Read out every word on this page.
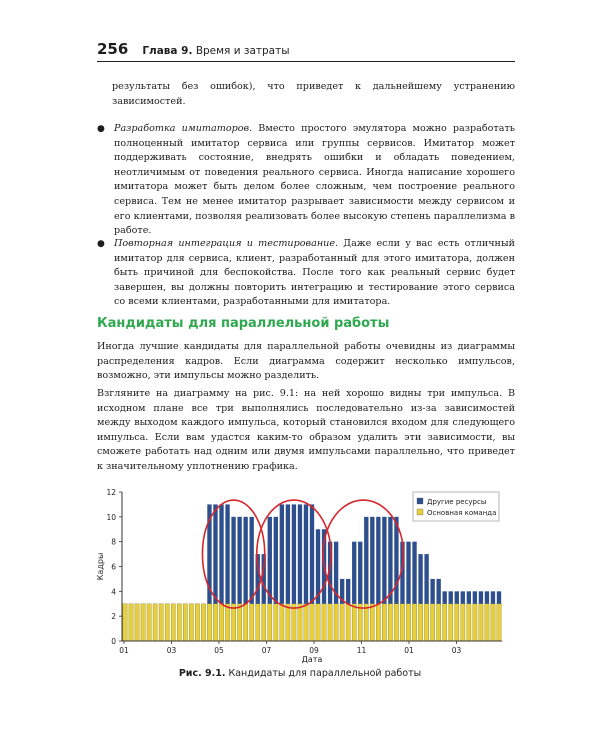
256 Глава 9. Время и затраты
результаты без ошибок), что приведет к дальнейшему устранению зависимостей.
● Разработка имитаторов. Вместо простого эмулятора можно разработать полноценный имитатор сервиса или группы сервисов. Имитатор может поддерживать состояние, внедрять ошибки и обладать поведением, неотличимым от поведения реального сервиса. Иногда написание хорошего имитатора может быть делом более сложным, чем построение реального сервиса. Тем не менее имитатор разрывает зависимости между сервисом и его клиентами, позволяя реализовать более высокую степень параллелизма в работе.
● Повторная интеграция и тестирование. Даже если у вас есть отличный имитатор для сервиса, клиент, разработанный для этого имитатора, должен быть причиной для беспокойства. После того как реальный сервис будет завершен, вы должны повторить интеграцию и тестирование этого сервиса со всеми клиентами, разработанными для имитатора.
Кандидаты для параллельной работы
Иногда лучшие кандидаты для параллельной работы очевидны из диаграммы распределения кадров. Если диаграмма содержит несколько импульсов, возможно, эти импульсы можно разделить.
Взгляните на диаграмму на рис. 9.1: на ней хорошо видны три импульса. В исходном плане все три выполнялись последовательно из-за зависимостей между выходом каждого импульса, который становился входом для следующего импульса. Если вам удастся каким-то образом удалить эти зависимости, вы сможете работать над одним или двумя импульсами параллельно, что приведет к значительному уплотнению графика.
0
2
4
6
8
10
12
01	03	05	07	09	11	01	03
Дата
Кадры
Другие ресурсы
Основная команда
Рис. 9.1. Кандидаты для параллельной работы
